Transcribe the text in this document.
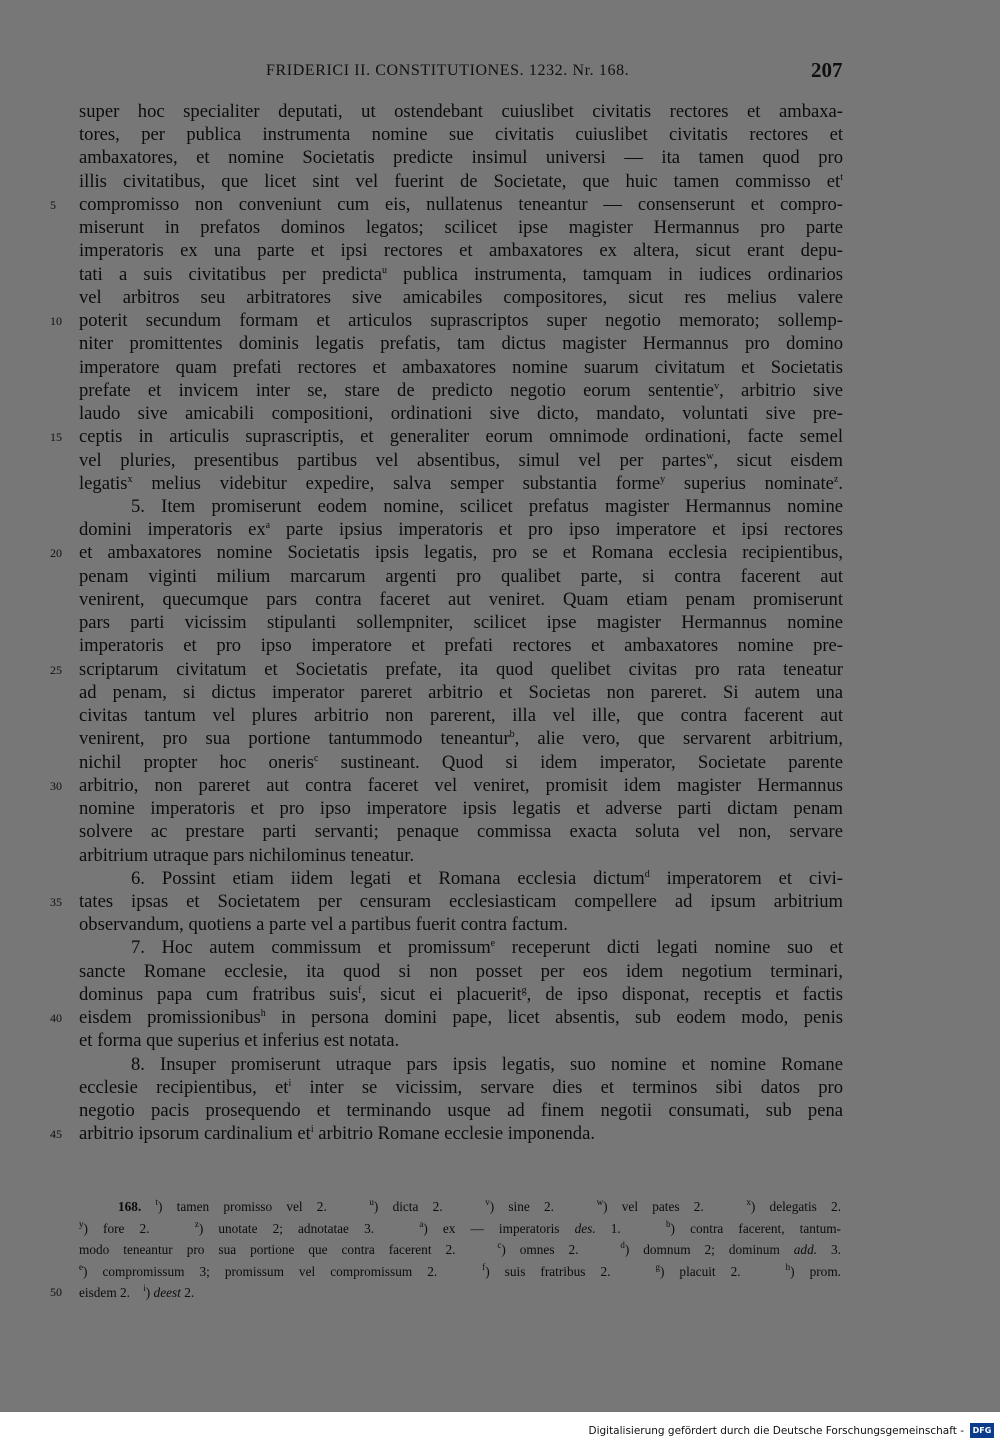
FRIDERICI II. CONSTITUTIONES. 1232. Nr. 168.	207
super hoc specialiter deputati, ut ostendebant cuiuslibet civitatis rectores et ambaxa-
tores, per publica instrumenta nomine sue civitatis cuiuslibet civitatis rectores et
ambaxatores, et nomine Societatis predicte insimul universi — ita tamen quod pro
illis civitatibus, que licet sint vel fuerint de Societate, que huic tamen commisso $et^t$
5 compromisso non conveniunt cum eis, nullatenus teneantur — consenserunt et compro-
miserunt in prefatos dominos legatos; scilicet ipse magister Hermannus pro parte
imperatoris ex una parte et ipsi rectores et ambaxatores ex altera, sicut erant depu-
tati a suis civitatibus per predicta$^u$ publica instrumenta, tamquam in iudices ordinarios
vel arbitros seu arbitratores sive amicabiles compositores, sicut res melius valere
10 poterit secundum formam et articulos suprascriptos super negotio memorato; sollemp-
niter promittentes dominis legatis prefatis, tam dictus magister Hermannus pro domino
imperatore quam prefati rectores et ambaxatores nomine suarum civitatum et Societatis
prefate et invicem inter se, stare de predicto negotio eorum sententie$^v$, arbitrio sive
laudo sive amicabili compositioni, ordinationi sive dicto, mandato, voluntati sive pre-
15 ceptis in articulis suprascriptis, et generaliter eorum omnimode ordinationi, facte semel
vel pluries, presentibus partibus vel absentibus, simul vel per partes$^w$, sicut eisdem
legatis$^x$ melius videbitur expedire, salva semper substantia forme$^y$ superius nominate$^z$.
5. Item promiserunt eodem nomine, scilicet prefatus magister Hermannus nomine
domini imperatoris $ex^a$ parte ipsius imperatoris et pro ipso imperatore et ipsi rectores
20 et ambaxatores nomine Societatis ipsis legatis, pro se et Romana ecclesia recipientibus,
penam viginti milium marcarum argenti pro qualibet parte, si contra facerent aut
venirent, quecumque pars contra faceret aut veniret. Quam etiam penam promiserunt
pars parti vicissim stipulanti sollempniter, scilicet ipse magister Hermannus nomine
imperatoris et pro ipso imperatore et prefati rectores et ambaxatores nomine pre-
25 scriptarum civitatum et Societatis prefate, ita quod quelibet civitas pro rata teneatur
ad penam, si dictus imperator pareret arbitrio et Societas non pareret. Si autem una
civitas tantum vel plures arbitrio non parerent, illa vel ille, que contra facerent aut
venirent, pro sua portione tantummodo teneantur$^b$, alie vero, que servarent arbitrium,
nichil propter hoc oneris$^c$ sustineant. Quod si idem imperator, Societate parente
30 arbitrio, non pareret aut contra faceret vel veniret, promisit idem magister Hermannus
nomine imperatoris et pro ipso imperatore ipsis legatis et adverse parti dictam penam
solvere ac prestare parti servanti; penaque commissa exacta soluta vel non, servare
arbitrium utraque pars nichilominus teneatur.
6. Possint etiam iidem legati et Romana ecclesia dictum$^d$ imperatorem et civi-
35 tates ipsas et Societatem per censuram ecclesiasticam compellere ad ipsum arbitrium
observandum, quotiens a parte vel a partibus fuerit contra factum.
7. Hoc autem commissum et promissum$^e$ receperunt dicti legati nomine suo et
sancte Romane ecclesie, ita quod si non posset per eos idem negotium terminari,
dominus papa cum fratribus suis$^f$, sicut ei placuerit$^g$, de ipso disponat, receptis et factis
40 eisdem promissionibus$^h$ in persona domini pape, licet absentis, sub eodem modo, penis
et forma que superius et inferius est notata.
8. Insuper promiserunt utraque pars ipsis legatis, suo nomine et nomine Romane
ecclesie recipientibus, $et^i$ inter se vicissim, servare dies et terminos sibi datos pro
negotio pacis prosequendo et terminando usque ad finem negotii consumati, sub pena
45 arbitrio ipsorum cardinalium $et^i$ arbitrio Romane ecclesie imponenda.
168. $^t$) tamen promisso vel 2.   $^u$) dicta 2.   $^v$) sine 2.   $^w$) vel pates 2.   $^x$) delegatis 2.
$^y$) fore 2.   $^z$) unotate 2; adnotatae 3.   $^a$) ex — imperatoris des. 1.   $^b$) contra facerent, tantum-
modo teneantur pro sua portione que contra facerent 2.   $^c$) omnes 2.   $^d$) domnum 2; dominum add. 3.
$^e$) compromissum 3; promissum vel compromissum 2.   $^f$) suis fratribus 2.   $^g$) placuit 2.   $^h$) prom.
50 eisdem 2.    $^i$) deest 2.
Digitalisierung gefördert durch die Deutsche Forschungsgemeinschaft -	DFG
